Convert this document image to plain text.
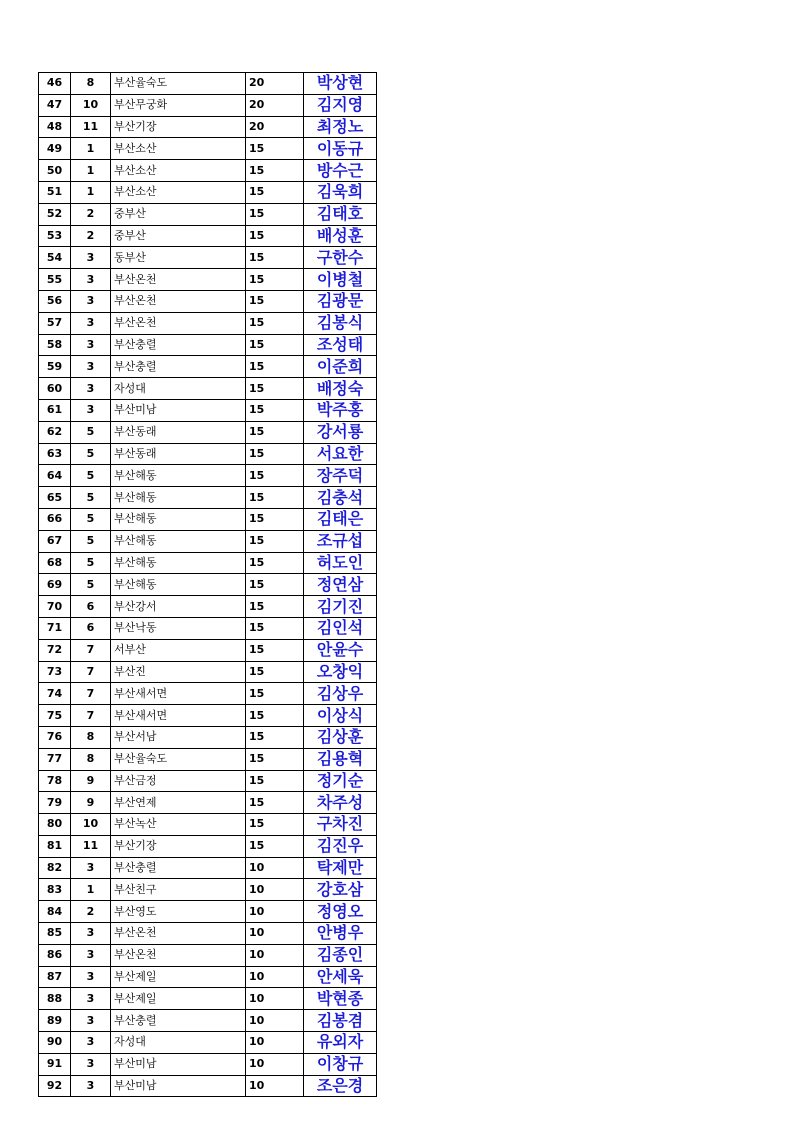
46	8	부산율숙도	20	박상현
47	10	부산무궁화	20	김지영
48	11	부산기장	20	최정노
49	1	부산소산	15	이동규
50	1	부산소산	15	방수근
51	1	부산소산	15	김욱희
52	2	중부산	15	김태호
53	2	중부산	15	배성훈
54	3	동부산	15	구한수
55	3	부산온천	15	이병철
56	3	부산온천	15	김광문
57	3	부산온천	15	김봉식
58	3	부산충렬	15	조성태
59	3	부산충렬	15	이준희
60	3	자성대	15	배정숙
61	3	부산미남	15	박주홍
62	5	부산동래	15	강서룡
63	5	부산동래	15	서요한
64	5	부산해동	15	장주덕
65	5	부산해동	15	김충석
66	5	부산해동	15	김태은
67	5	부산해동	15	조규섭
68	5	부산해동	15	허도인
69	5	부산해동	15	정연삼
70	6	부산강서	15	김기진
71	6	부산낙동	15	김인석
72	7	서부산	15	안윤수
73	7	부산진	15	오창익
74	7	부산새서면	15	김상우
75	7	부산새서면	15	이상식
76	8	부산서남	15	김상훈
77	8	부산율숙도	15	김용혁
78	9	부산금정	15	정기순
79	9	부산연제	15	차주성
80	10	부산녹산	15	구차진
81	11	부산기장	15	김진우
82	3	부산충렬	10	탁제만
83	1	부산친구	10	강호삼
84	2	부산영도	10	정영오
85	3	부산온천	10	안병우
86	3	부산온천	10	김종인
87	3	부산제일	10	안세욱
88	3	부산제일	10	박현종
89	3	부산충렬	10	김봉겸
90	3	자성대	10	유외자
91	3	부산미남	10	이창규
92	3	부산미남	10	조은경
